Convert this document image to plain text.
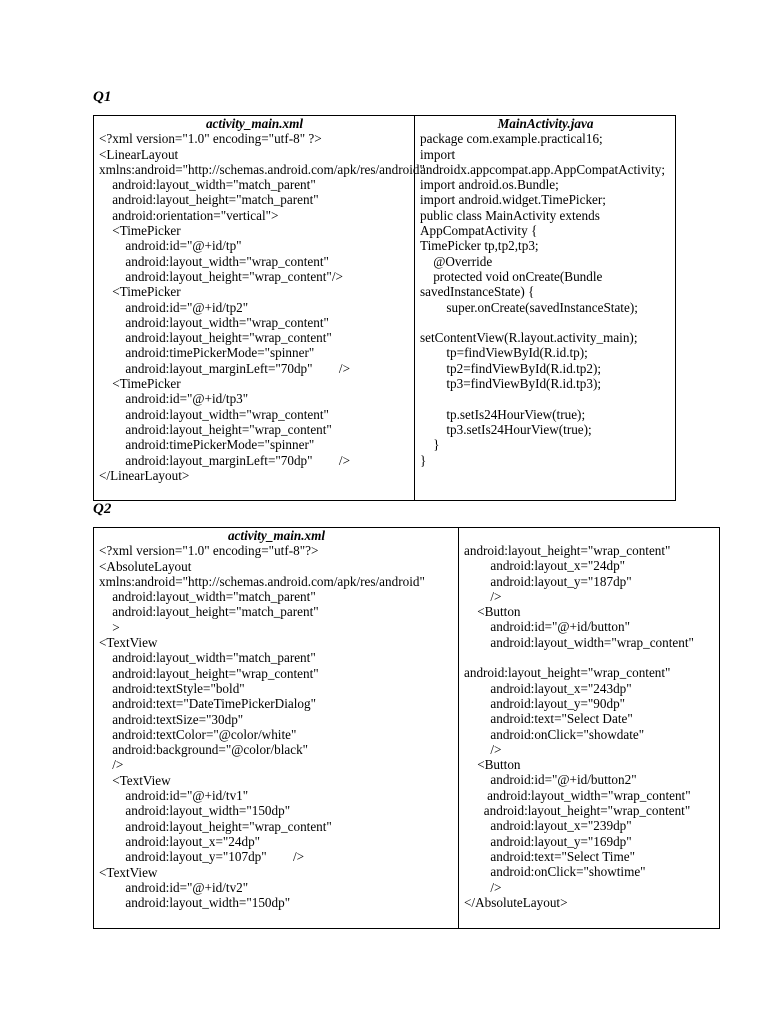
Q1
activity_main.xml
<?xml version="1.0" encoding="utf-8" ?>
<LinearLayout
xmlns:android="http://schemas.android.com/apk/res/android"
android:layout_width="match_parent"
android:layout_height="match_parent"
android:orientation="vertical">
<TimePicker
android:id="@+id/tp"
android:layout_width="wrap_content"
android:layout_height="wrap_content"/>
<TimePicker
android:id="@+id/tp2"
android:layout_width="wrap_content"
android:layout_height="wrap_content"
android:timePickerMode="spinner"
android:layout_marginLeft="70dp"        />
<TimePicker
android:id="@+id/tp3"
android:layout_width="wrap_content"
android:layout_height="wrap_content"
android:timePickerMode="spinner"
android:layout_marginLeft="70dp"        />
</LinearLayout>

MainActivity.java
package com.example.practical16;
import
androidx.appcompat.app.AppCompatActivity;
import android.os.Bundle;
import android.widget.TimePicker;
public class MainActivity extends AppCompatActivity {
TimePicker tp,tp2,tp3;
@Override
protected void onCreate(Bundle savedInstanceState) {
super.onCreate(savedInstanceState);
setContentView(R.layout.activity_main);
tp=findViewById(R.id.tp);
tp2=findViewById(R.id.tp2);
tp3=findViewById(R.id.tp3);
tp.setIs24HourView(true);
tp3.setIs24HourView(true);
}
}
Q2
activity_main.xml
<?xml version="1.0" encoding="utf-8"?>
<AbsoluteLayout
xmlns:android="http://schemas.android.com/apk/res/android"
android:layout_width="match_parent"
android:layout_height="match_parent"
>
<TextView
android:layout_width="match_parent"
android:layout_height="wrap_content"
android:textStyle="bold"
android:text="DateTimePickerDialog"
android:textSize="30dp"
android:textColor="@color/white"
android:background="@color/black"
/>
<TextView
android:id="@+id/tv1"
android:layout_width="150dp"
android:layout_height="wrap_content"
android:layout_x="24dp"
android:layout_y="107dp"        />
<TextView
android:id="@+id/tv2"
android:layout_width="150dp"

android:layout_height="wrap_content"
android:layout_x="24dp"
android:layout_y="187dp"
/>
<Button
android:id="@+id/button"
android:layout_width="wrap_content"
android:layout_height="wrap_content"
android:layout_x="243dp"
android:layout_y="90dp"
android:text="Select Date"
android:onClick="showdate"
/>
<Button
android:id="@+id/button2"
android:layout_width="wrap_content"
android:layout_height="wrap_content"
android:layout_x="239dp"
android:layout_y="169dp"
android:text="Select Time"
android:onClick="showtime"
/>
</AbsoluteLayout>
